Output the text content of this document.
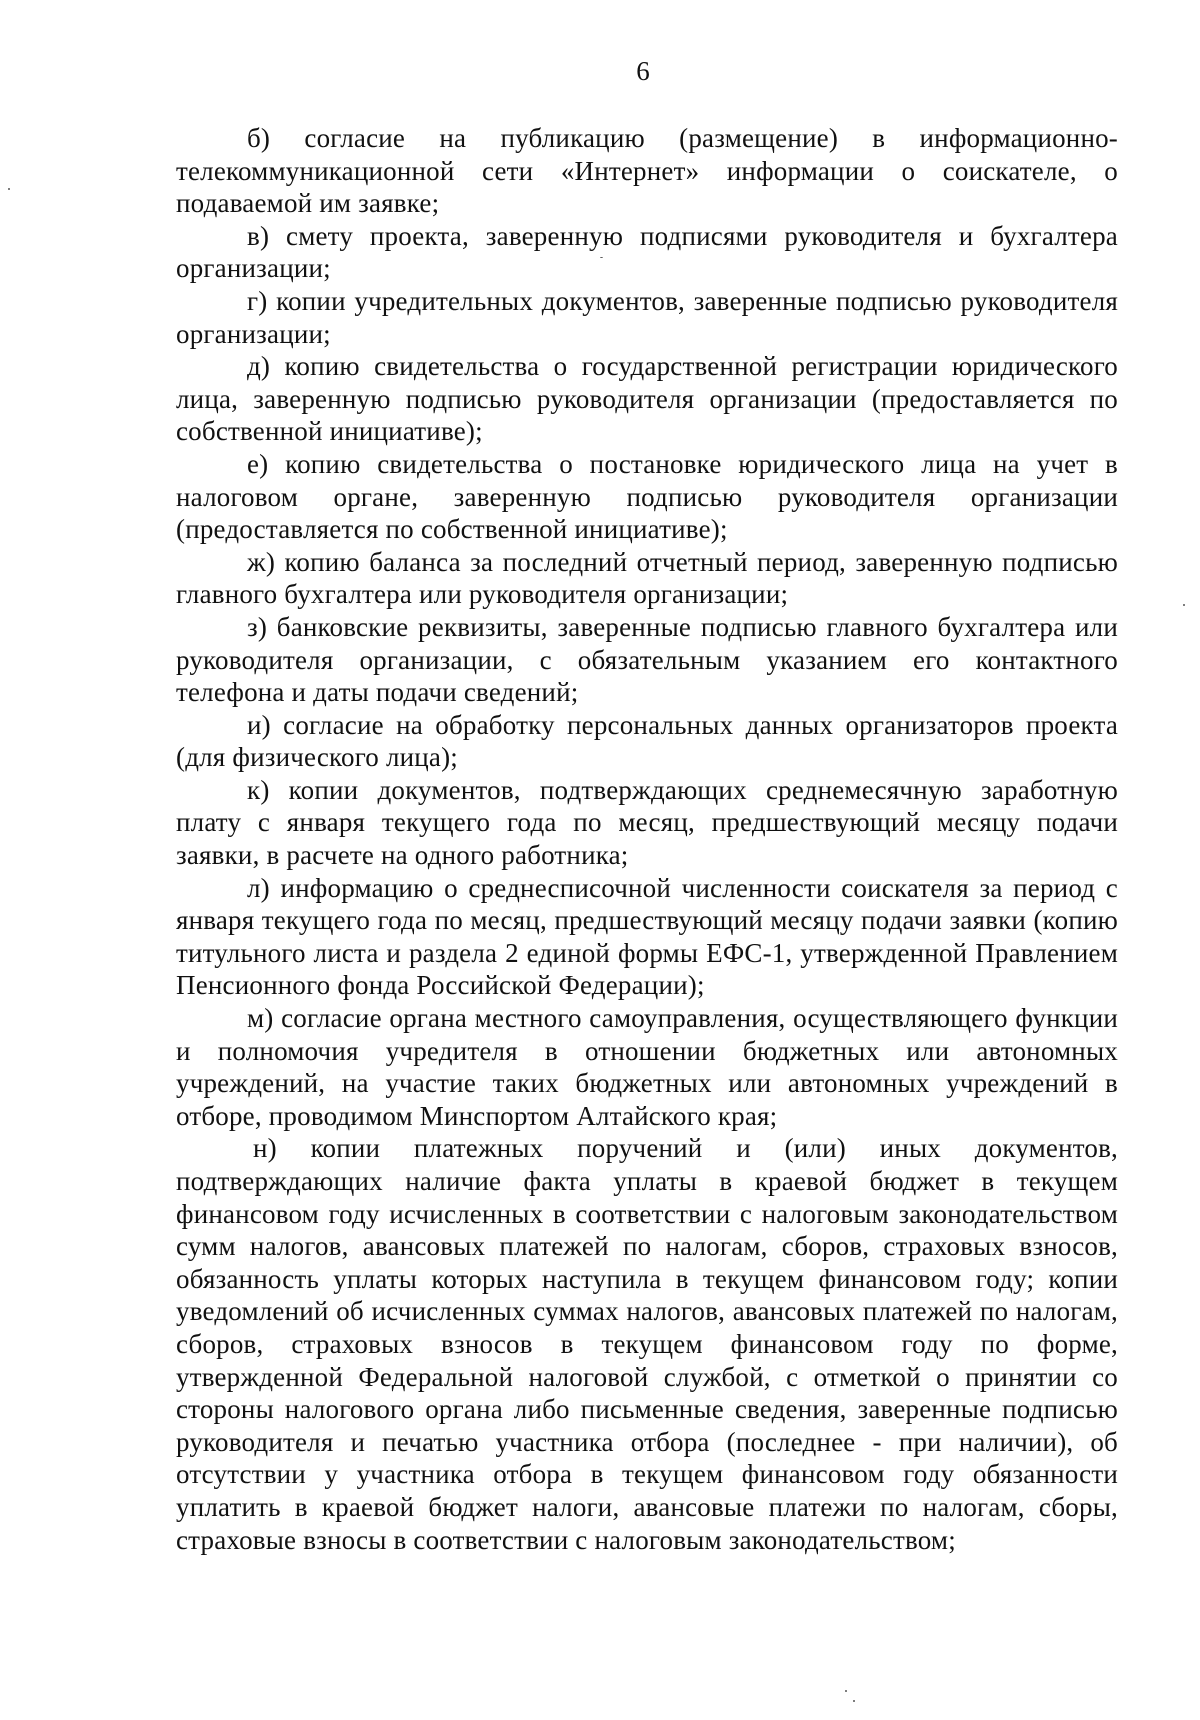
6

б) согласие на публикацию (размещение) в информационно-телекоммуникационной сети «Интернет» информации о соискателе, о подаваемой им заявке;

в) смету проекта, заверенную подписями руководителя и бухгалтера организации;

г) копии учредительных документов, заверенные подписью руководителя организации;

д) копию свидетельства о государственной регистрации юридического лица, заверенную подписью руководителя организации (предоставляется по собственной инициативе);

е) копию свидетельства о постановке юридического лица на учет в налоговом органе, заверенную подписью руководителя организации (предоставляется по собственной инициативе);

ж) копию баланса за последний отчетный период, заверенную подписью главного бухгалтера или руководителя организации;

з) банковские реквизиты, заверенные подписью главного бухгалтера или руководителя организации, с обязательным указанием его контактного телефона и даты подачи сведений;

и) согласие на обработку персональных данных организаторов проекта (для физического лица);

к) копии документов, подтверждающих среднемесячную заработную плату с января текущего года по месяц, предшествующий месяцу подачи заявки, в расчете на одного работника;

л) информацию о среднесписочной численности соискателя за период с января текущего года по месяц, предшествующий месяцу подачи заявки (копию титульного листа и раздела 2 единой формы ЕФС-1, утвержденной Правлением Пенсионного фонда Российской Федерации);

м) согласие органа местного самоуправления, осуществляющего функции и полномочия учредителя в отношении бюджетных или автономных учреждений, на участие таких бюджетных или автономных учреждений в отборе, проводимом Минспортом Алтайского края;

н) копии платежных поручений и (или) иных документов, подтверждающих наличие факта уплаты в краевой бюджет в текущем финансовом году исчисленных в соответствии с налоговым законодательством сумм налогов, авансовых платежей по налогам, сборов, страховых взносов, обязанность уплаты которых наступила в текущем финансовом году; копии уведомлений об исчисленных суммах налогов, авансовых платежей по налогам, сборов, страховых взносов в текущем финансовом году по форме, утвержденной Федеральной налоговой службой, с отметкой о принятии со стороны налогового органа либо письменные сведения, заверенные подписью руководителя и печатью участника отбора (последнее - при наличии), об отсутствии у участника отбора в текущем финансовом году обязанности уплатить в краевой бюджет налоги, авансовые платежи по налогам, сборы, страховые взносы в соответствии с налоговым законодательством;
